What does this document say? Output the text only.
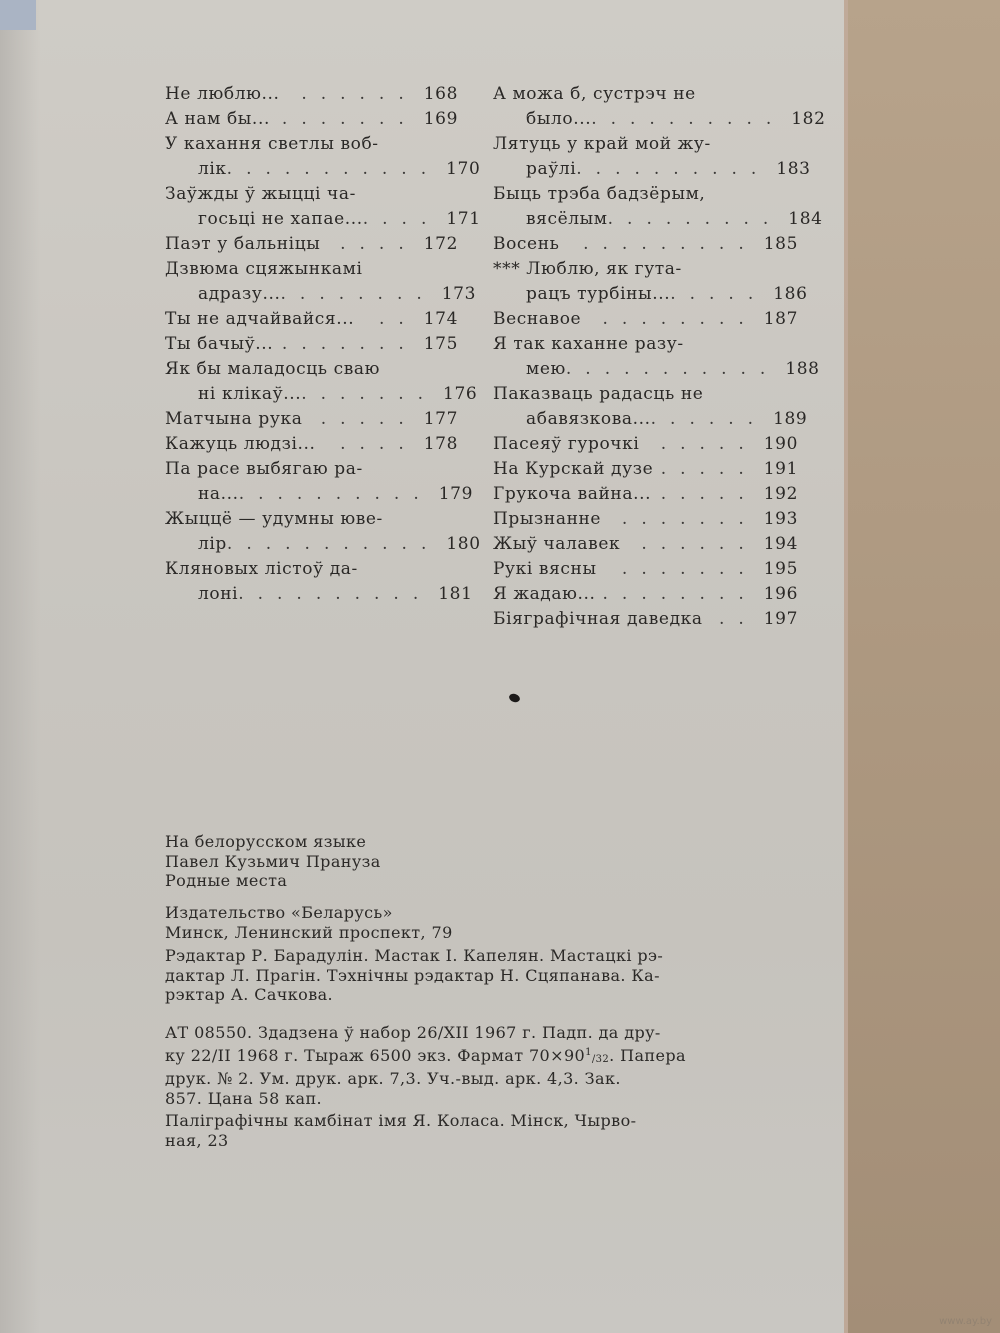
Не люблю...	...... 168
А нам бы... ....... 169
У кахання светлы воб-
лік ........... 170
Заўжды ў жыцці ча-
госьці не хапае... .... 171
Паэт у бальніцы	.... 172
Дзвюма сцяжынкамі
адразу... ........ 173
Ты не адчайвайся...	.. 174
Ты бачыў... ....... 175
Як бы маладосць сваю
ні клікаў... ....... 176
Матчына рука	..... 177
Кажуць людзі...	.... 178
Па расе выбягаю ра-
на... .......... 179
Жыццё — удумны юве-
лір ........... 180
Кляновых лістоў да-
лоні .......... 181
А можа б, сустрэч не
было... .......... 182
Лятуць у край мой жу-
раўлі .......... 183
Быць трэба бадзёрым,
вясёлым ......... 184
Восень	......... 185
*** Люблю, як гута-
рацъ турбіны... ..... 186
Веснавое	........ 187
Я так каханне разу-
мею ........... 188
Паказваць радасць не
абавязкова... ...... 189
Пасеяў гурочкі	..... 190
На Курскай дузе ..... 191
Грукоча вайна... ..... 192
Прызнанне	....... 193
Жыў чалавек	...... 194
Рукі вясны	....... 195
Я жадаю... ........ 196
Біяграфічная даведка .. 197
На белорусском языке
Павел Кузьмич Прануза
Родные места
Издательство «Беларусь»
Минск, Ленинский проспект, 79
Рэдактар Р. Барадулін. Мастак І. Капелян. Мастацкі рэ-
дактар Л. Прагін. Тэхнічны рэдактар Н. Сцяпанава. Ка-
рэктар А. Сачкова.
АТ 08550. Здадзена ў набор 26/XII 1967 г. Падп. да дру-
ку 22/II 1968 г. Тыраж 6500 экз. Фармат $70\times 90^1_{/32}$. Папера
друк. № 2. Ум. друк. арк. 7,3. Уч.-выд. арк. 4,3. Зак.
857. Цана 58 кап.
Паліграфічны камбінат імя Я. Коласа. Мінск, Чырво-
ная, 23
www.ay.by
